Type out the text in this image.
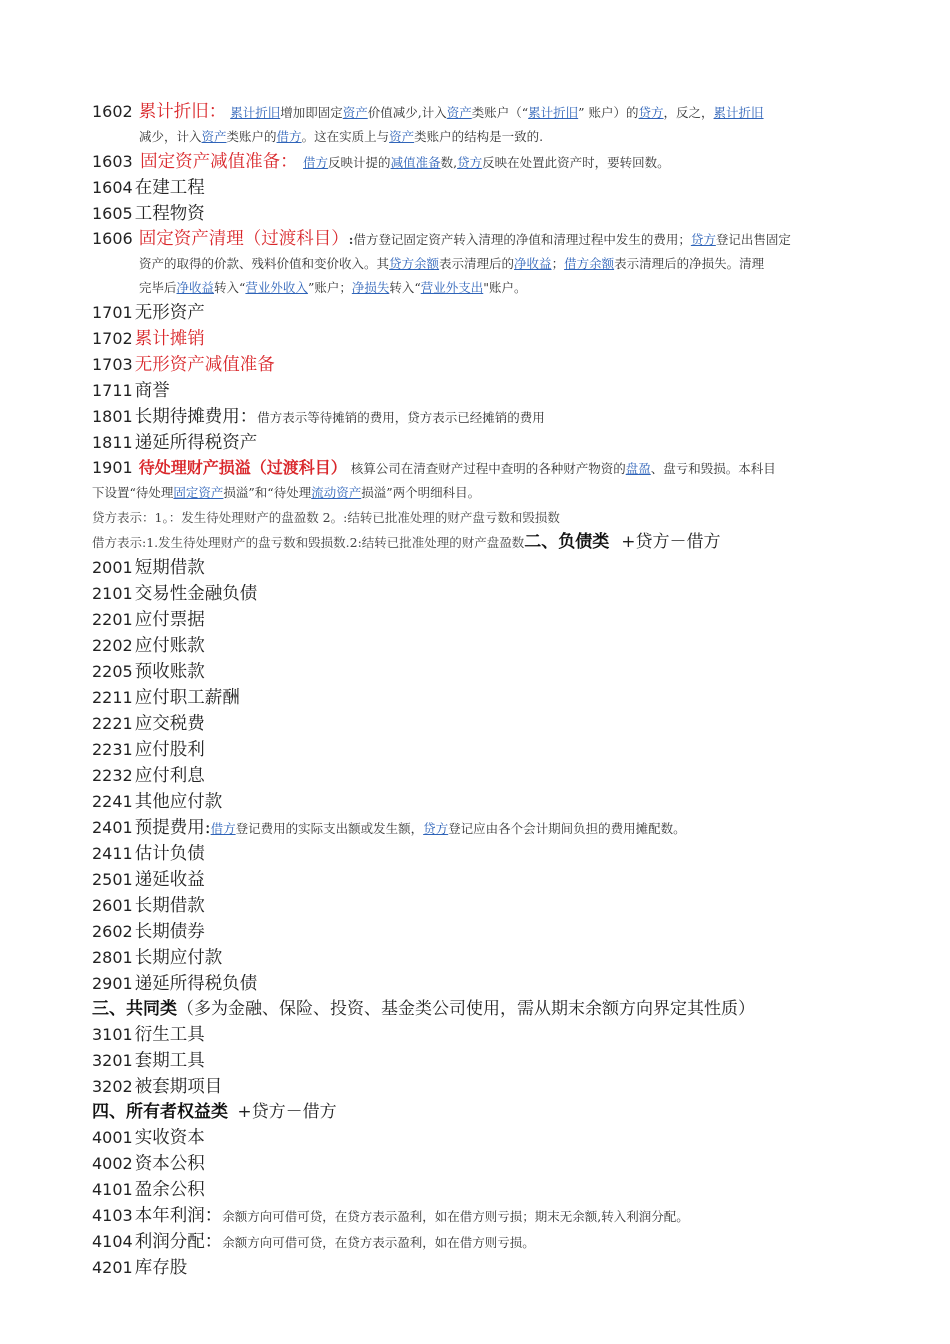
1602 累计折旧： 累计折旧增加即固定资产价值减少,计入资产类账户（“累计折旧” 账户）的贷方，反之，累计折旧
减少，计入资产类账户的借方。这在实质上与资产类账户的结构是一致的.
1603 固定资产减值准备： 借方反映计提的减值准备数,贷方反映在处置此资产时，要转回数。
1604 在建工程
1605 工程物资
1606 固定资产清理（过渡科目）:借方登记固定资产转入清理的净值和清理过程中发生的费用；贷方登记出售固定
资产的取得的价款、残料价值和变价收入。其贷方余额表示清理后的净收益；借方余额表示清理后的净损失。清理
完毕后净收益转入“营业外收入”账户；净损失转入“营业外支出"账户。
1701 无形资产
1702 累计摊销
1703 无形资产减值准备
1711 商誉
1801 长期待摊费用：借方表示等待摊销的费用，贷方表示已经摊销的费用
1811 递延所得税资产
1901 待处理财产损溢（过渡科目） 核算公司在清查财产过程中查明的各种财产物资的盘盈、盘亏和毁损。本科目
下设置“待处理固定资产损溢”和“待处理流动资产损溢”两个明细科目。
贷方表示：1。：发生待处理财产的盘盈数 2。:结转已批准处理的财产盘亏数和毁损数
借方表示:1.发生待处理财产的盘亏数和毁损数.2:结转已批准处理的财产盘盈数二、负债类 +贷方－借方
2001 短期借款
2101 交易性金融负债
2201 应付票据
2202 应付账款
2205 预收账款
2211 应付职工薪酬
2221 应交税费
2231 应付股利
2232 应付利息
2241 其他应付款
2401 预提费用:借方登记费用的实际支出额或发生额，贷方登记应由各个会计期间负担的费用摊配数。
2411 估计负债
2501 递延收益
2601 长期借款
2602 长期债券
2801 长期应付款
2901 递延所得税负债
三、共同类（多为金融、保险、投资、基金类公司使用，需从期末余额方向界定其性质）
3101 衍生工具
3201 套期工具
3202 被套期项目
四、所有者权益类 +贷方－借方
4001 实收资本
4002 资本公积
4101 盈余公积
4103 本年利润：余额方向可借可贷，在贷方表示盈利，如在借方则亏损；期末无余额,转入利润分配。
4104 利润分配：余额方向可借可贷，在贷方表示盈利，如在借方则亏损。
4201 库存股
